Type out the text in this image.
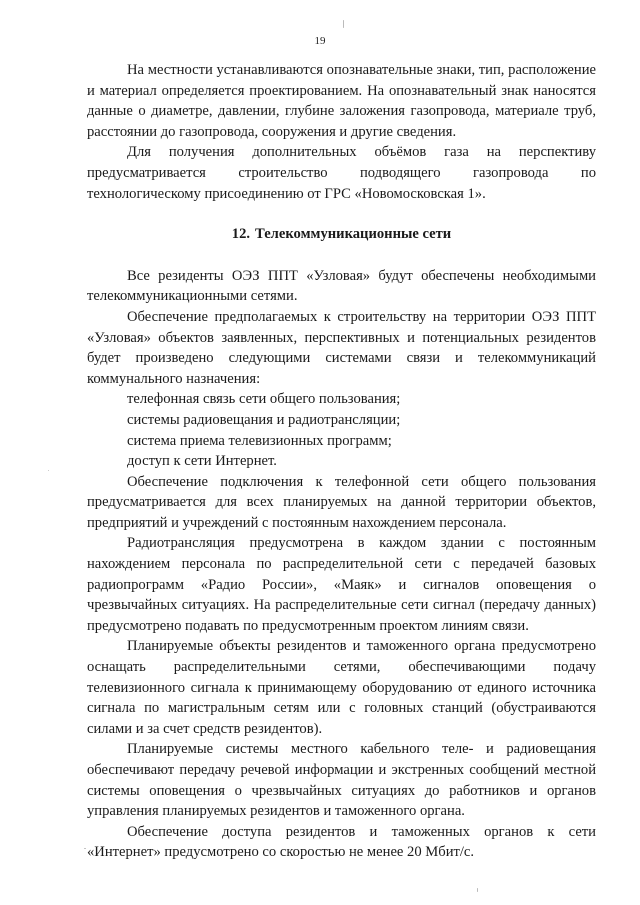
19

На местности устанавливаются опознавательные знаки, тип, расположение и материал определяется проектированием. На опознавательный знак наносятся данные о диаметре, давлении, глубине заложения газопровода, материале труб, расстоянии до газопровода, сооружения и другие сведения.

Для получения дополнительных объёмов газа на перспективу предусматривается строительство подводящего газопровода по технологическому присоединению от ГРС «Новомосковская 1».

12. Телекоммуникационные сети

Все резиденты ОЭЗ ППТ «Узловая» будут обеспечены необходимыми телекоммуникационными сетями.

Обеспечение предполагаемых к строительству на территории ОЭЗ ППТ «Узловая» объектов заявленных, перспективных и потенциальных резидентов будет произведено следующими системами связи и телекоммуникаций коммунального назначения:

телефонная связь сети общего пользования;
системы радиовещания и радиотрансляции;
система приема телевизионных программ;
доступ к сети Интернет.

Обеспечение подключения к телефонной сети общего пользования предусматривается для всех планируемых на данной территории объектов, предприятий и учреждений с постоянным нахождением персонала.

Радиотрансляция предусмотрена в каждом здании с постоянным нахождением персонала по распределительной сети с передачей базовых радиопрограмм «Радио России», «Маяк» и сигналов оповещения о чрезвычайных ситуациях. На распределительные сети сигнал (передачу данных) предусмотрено подавать по предусмотренным проектом линиям связи.

Планируемые объекты резидентов и таможенного органа предусмотрено оснащать распределительными сетями, обеспечивающими подачу телевизионного сигнала к принимающему оборудованию от единого источника сигнала по магистральным сетям или с головных станций (обустраиваются силами и за счет средств резидентов).

Планируемые системы местного кабельного теле- и радиовещания обеспечивают передачу речевой информации и экстренных сообщений местной системы оповещения о чрезвычайных ситуациях до работников и органов управления планируемых резидентов и таможенного органа.

Обеспечение доступа резидентов и таможенных органов к сети «Интернет» предусмотрено со скоростью не менее 20 Мбит/с.
